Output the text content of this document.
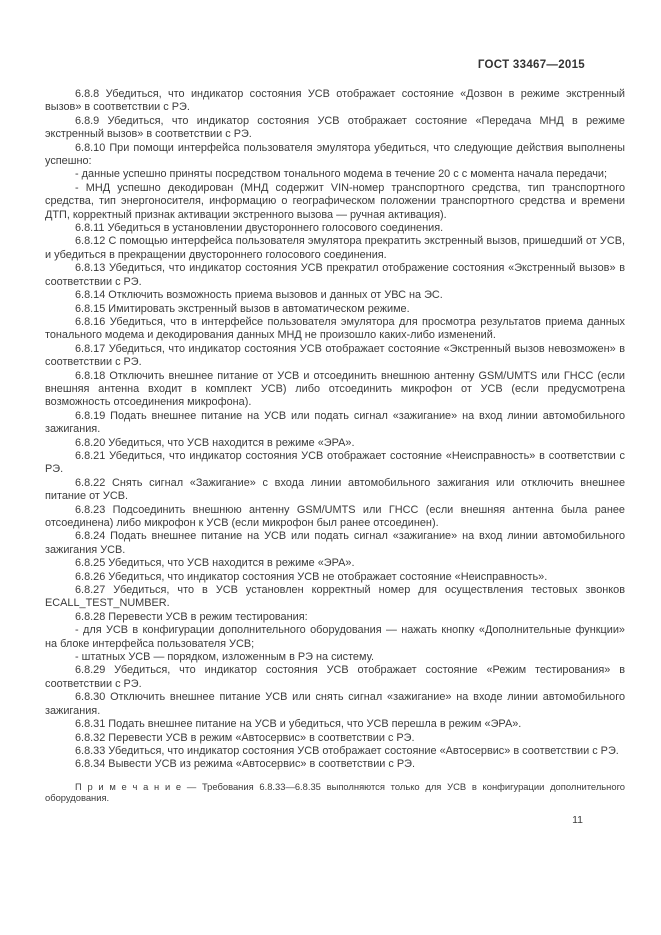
ГОСТ 33467—2015

6.8.8 Убедиться, что индикатор состояния УСВ отображает состояние «Дозвон в режиме экстренный вызов» в соответствии с РЭ.

6.8.9 Убедиться, что индикатор состояния УСВ отображает состояние «Передача МНД в режиме экстренный вызов» в соответствии с РЭ.

6.8.10 При помощи интерфейса пользователя эмулятора убедиться, что следующие действия выполнены успешно:

- данные успешно приняты посредством тонального модема в течение 20 с с момента начала передачи;

- МНД успешно декодирован (МНД содержит VIN-номер транспортного средства, тип транспортного средства, тип энергоносителя, информацию о географическом положении транспортного средства и времени ДТП, корректный признак активации экстренного вызова — ручная активация).

6.8.11 Убедиться в установлении двустороннего голосового соединения.

6.8.12 С помощью интерфейса пользователя эмулятора прекратить экстренный вызов, пришедший от УСВ, и убедиться в прекращении двустороннего голосового соединения.

6.8.13 Убедиться, что индикатор состояния УСВ прекратил отображение состояния «Экстренный вызов» в соответствии с РЭ.

6.8.14 Отключить возможность приема вызовов и данных от УВС на ЭС.

6.8.15 Имитировать экстренный вызов в автоматическом режиме.

6.8.16 Убедиться, что в интерфейсе пользователя эмулятора для просмотра результатов приема данных тонального модема и декодирования данных МНД не произошло каких-либо изменений.

6.8.17 Убедиться, что индикатор состояния УСВ отображает состояние «Экстренный вызов невозможен» в соответствии с РЭ.

6.8.18 Отключить внешнее питание от УСВ и отсоединить внешнюю антенну GSM/UMTS или ГНСС (если внешняя антенна входит в комплект УСВ) либо отсоединить микрофон от УСВ (если предусмотрена возможность отсоединения микрофона).

6.8.19 Подать внешнее питание на УСВ или подать сигнал «зажигание» на вход линии автомобильного зажигания.

6.8.20 Убедиться, что УСВ находится в режиме «ЭРА».

6.8.21 Убедиться, что индикатор состояния УСВ отображает состояние «Неисправность» в соответствии с РЭ.

6.8.22 Снять сигнал «Зажигание» с входа линии автомобильного зажигания или отключить внешнее питание от УСВ.

6.8.23 Подсоединить внешнюю антенну GSM/UMTS или ГНСС (если внешняя антенна была ранее отсоединена) либо микрофон к УСВ (если микрофон был ранее отсоединен).

6.8.24 Подать внешнее питание на УСВ или подать сигнал «зажигание» на вход линии автомобильного зажигания УСВ.

6.8.25 Убедиться, что УСВ находится в режиме «ЭРА».

6.8.26 Убедиться, что индикатор состояния УСВ не отображает состояние «Неисправность».

6.8.27 Убедиться, что в УСВ установлен корректный номер для осуществления тестовых звонков ECALL_TEST_NUMBER.

6.8.28 Перевести УСВ в режим тестирования:

- для УСВ в конфигурации дополнительного оборудования — нажать кнопку «Дополнительные функции» на блоке интерфейса пользователя УСВ;

- штатных УСВ — порядком, изложенным в РЭ на систему.

6.8.29 Убедиться, что индикатор состояния УСВ отображает состояние «Режим тестирования» в соответствии с РЭ.

6.8.30 Отключить внешнее питание УСВ или снять сигнал «зажигание» на входе линии автомобильного зажигания.

6.8.31 Подать внешнее питание на УСВ и убедиться, что УСВ перешла в режим «ЭРА».

6.8.32 Перевести УСВ в режим «Автосервис» в соответствии с РЭ.

6.8.33 Убедиться, что индикатор состояния УСВ отображает состояние «Автосервис» в соответствии с РЭ.

6.8.34 Вывести УСВ из режима «Автосервис» в соответствии с РЭ.

П р и м е ч а н и е — Требования 6.8.33—6.8.35 выполняются только для УСВ в конфигурации дополнительного оборудования.
11
